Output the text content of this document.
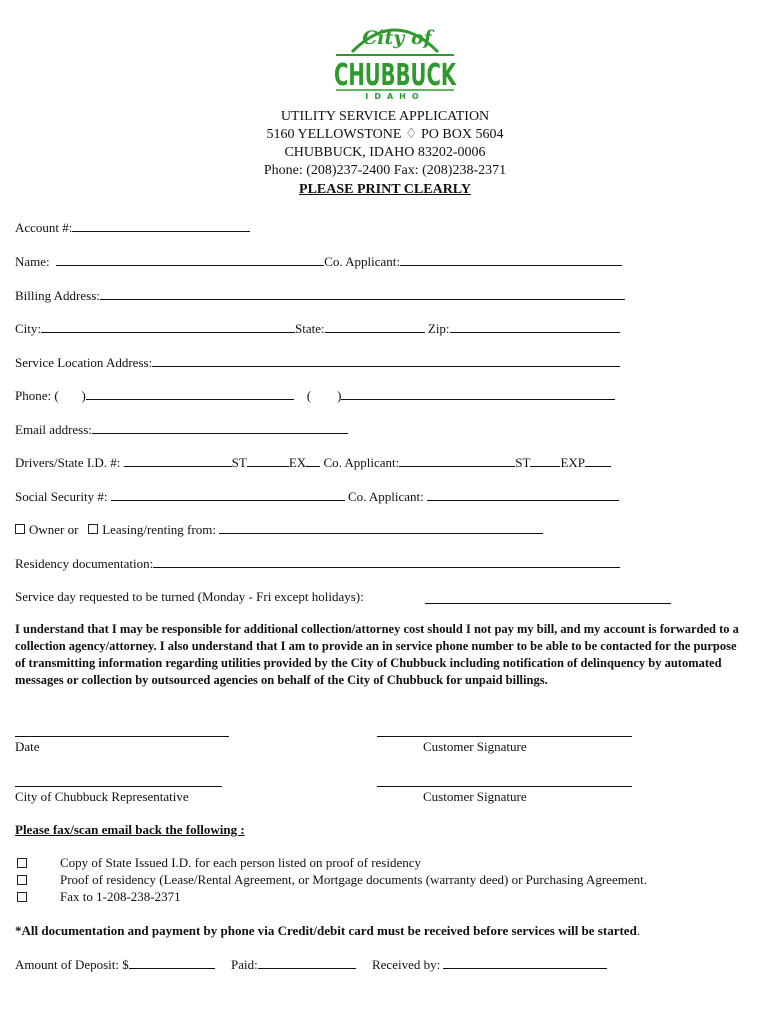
City of
CHUBBUCK
IDAHO
UTILITY SERVICE APPLICATION
5160 YELLOWSTONE ♢ PO BOX 5604
CHUBBUCK, IDAHO 83202-0006
Phone: (208)237-2400 Fax: (208)238-2371
PLEASE PRINT CLEARLY
Account #:
Name:	Co. Applicant:
Billing Address:
City:	State:	Zip:
Service Location Address:
Phone: ( )	( )
Email address:
Drivers/State I.D. #:	ST	EX Co. Applicant:	ST EXP
Social Security #:	Co. Applicant:
Owner or Leasing/renting from:
Residency documentation:
Service day requested to be turned (Monday - Fri except holidays):
I understand that I may be responsible for additional collection/attorney cost should I not pay my bill, and my account is forwarded to a collection agency/attorney. I also understand that I am to provide an in service phone number to be able to be contacted for the purpose of transmitting information regarding utilities provided by the City of Chubbuck including notification of delinquency by automated messages or collection by outsourced agencies on behalf of the City of Chubbuck for unpaid billings.
Date	Customer Signature
City of Chubbuck Representative	Customer Signature
Please fax/scan email back the following :
Copy of State Issued I.D. for each person listed on proof of residency
Proof of residency (Lease/Rental Agreement, or Mortgage documents (warranty deed) or Purchasing Agreement.
Fax to 1-208-238-2371
*All documentation and payment by phone via Credit/debit card must be received before services will be started.
Amount of Deposit: $	Paid:	Received by:
